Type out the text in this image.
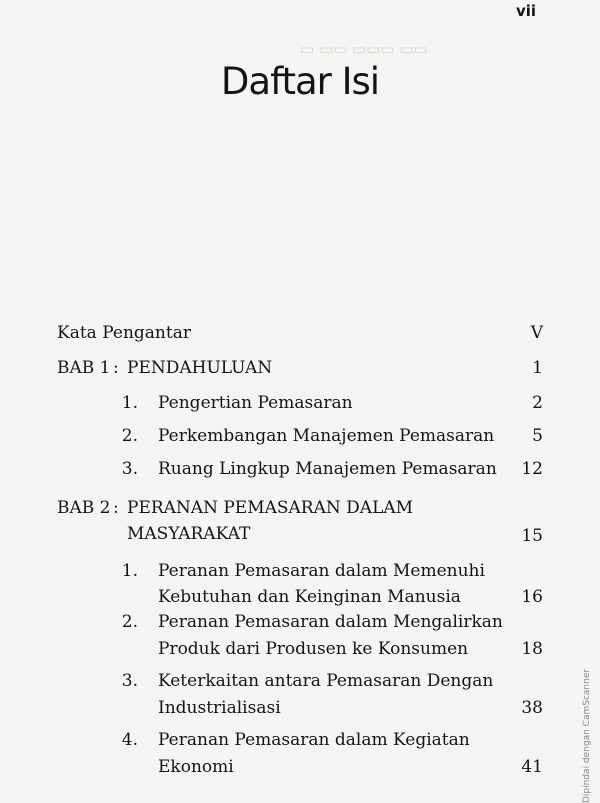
vii
Daftar Isi
▭ ▭▭ ▭▭▭ ▭▭
Kata Pengantar	V
BAB 1 : PENDAHULUAN	1
1. Pengertian Pemasaran	2
2. Perkembangan Manajemen Pemasaran 5
3. Ruang Lingkup Manajemen Pemasaran 12
BAB 2 : PERANAN PEMASARAN DALAM
MASYARAKAT	15
1. Peranan Pemasaran dalam Memenuhi
Kebutuhan dan Keinginan Manusia	16
2. Peranan Pemasaran dalam Mengalirkan
Produk dari Produsen ke Konsumen	18
3. Keterkaitan antara Pemasaran Dengan
Industrialisasi	38
4. Peranan Pemasaran dalam Kegiatan
Ekonomi	41	Dipindai dengan CamScanner
